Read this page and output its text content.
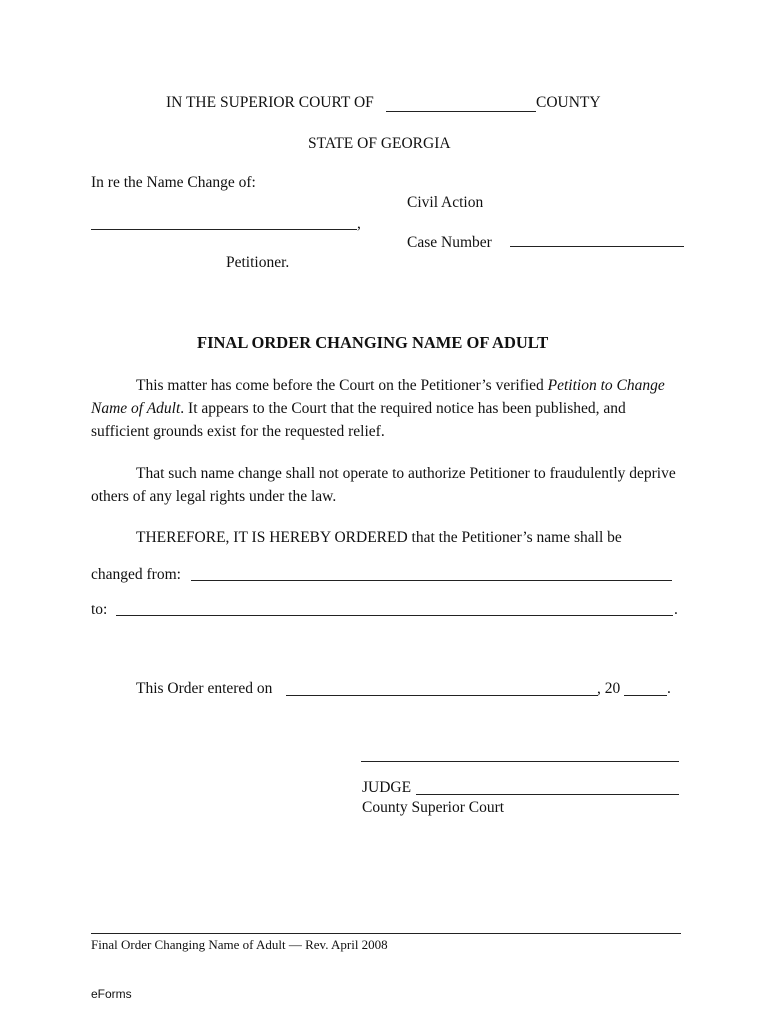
IN THE SUPERIOR COURT OF	COUNTY
STATE OF GEORGIA
In re the Name Change of:
Civil Action
,
Case Number
Petitioner.
FINAL ORDER CHANGING NAME OF ADULT
This matter has come before the Court on the Petitioner’s verified Petition to Change Name of Adult. It appears to the Court that the required notice has been published, and sufficient grounds exist for the requested relief.
That such name change shall not operate to authorize Petitioner to fraudulently deprive others of any legal rights under the law.
THEREFORE, IT IS HEREBY ORDERED that the Petitioner’s name shall be
changed from:
to:	.
This Order entered on	, 20	.
JUDGE
County Superior Court
Final Order Changing Name of Adult — Rev. April 2008
eForms
